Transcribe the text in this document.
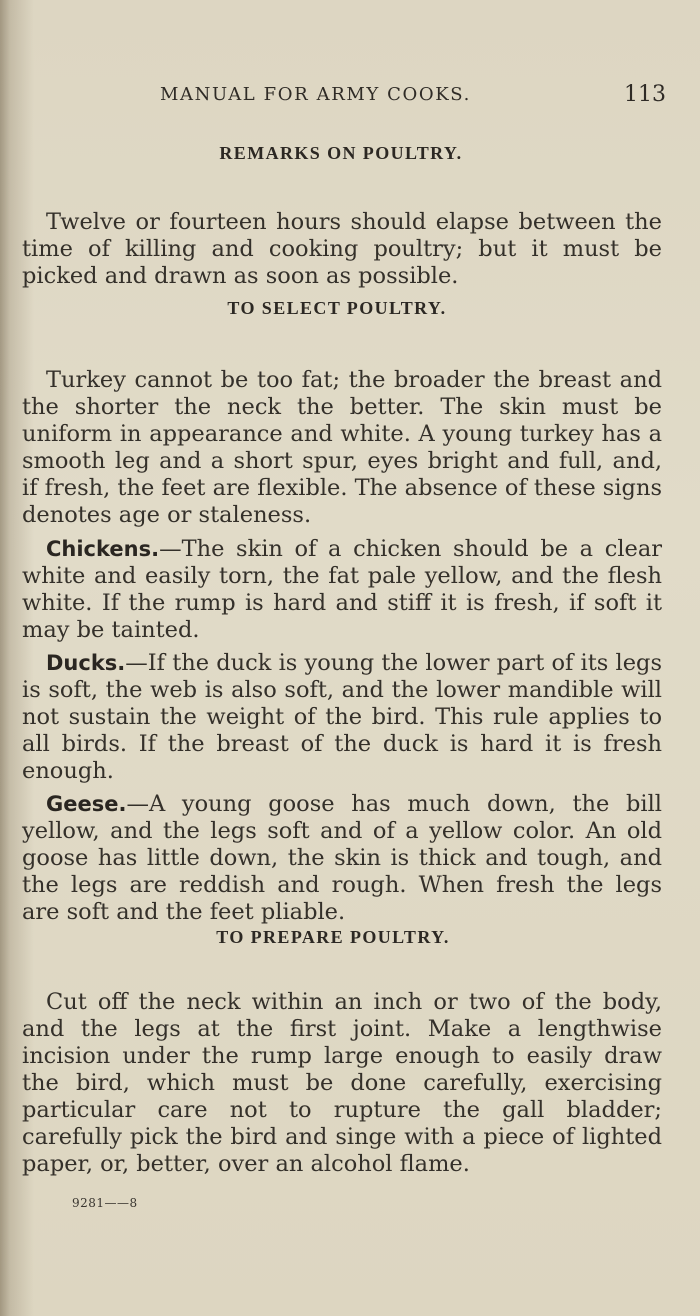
MANUAL FOR ARMY COOKS.	113
REMARKS ON POULTRY.

Twelve or fourteen hours should elapse between the time of killing and cooking poultry; but it must be picked and drawn as soon as possible.

TO SELECT POULTRY.

Turkey cannot be too fat; the broader the breast and the shorter the neck the better. The skin must be uniform in appearance and white. A young turkey has a smooth leg and a short spur, eyes bright and full, and, if fresh, the feet are flexible. The absence of these signs denotes age or staleness.

Chickens.—The skin of a chicken should be a clear white and easily torn, the fat pale yellow, and the flesh white. If the rump is hard and stiff it is fresh, if soft it may be tainted.

Ducks.—If the duck is young the lower part of its legs is soft, the web is also soft, and the lower mandible will not sustain the weight of the bird. This rule applies to all birds. If the breast of the duck is hard it is fresh enough.

Geese.—A young goose has much down, the bill yellow, and the legs soft and of a yellow color. An old goose has little down, the skin is thick and tough, and the legs are reddish and rough. When fresh the legs are soft and the feet pliable.

TO PREPARE POULTRY.

Cut off the neck within an inch or two of the body, and the legs at the first joint. Make a lengthwise incision under the rump large enough to easily draw the bird, which must be done carefully, exercising particular care not to rupture the gall bladder; carefully pick the bird and singe with a piece of lighted paper, or, better, over an alcohol flame.

9281——8
